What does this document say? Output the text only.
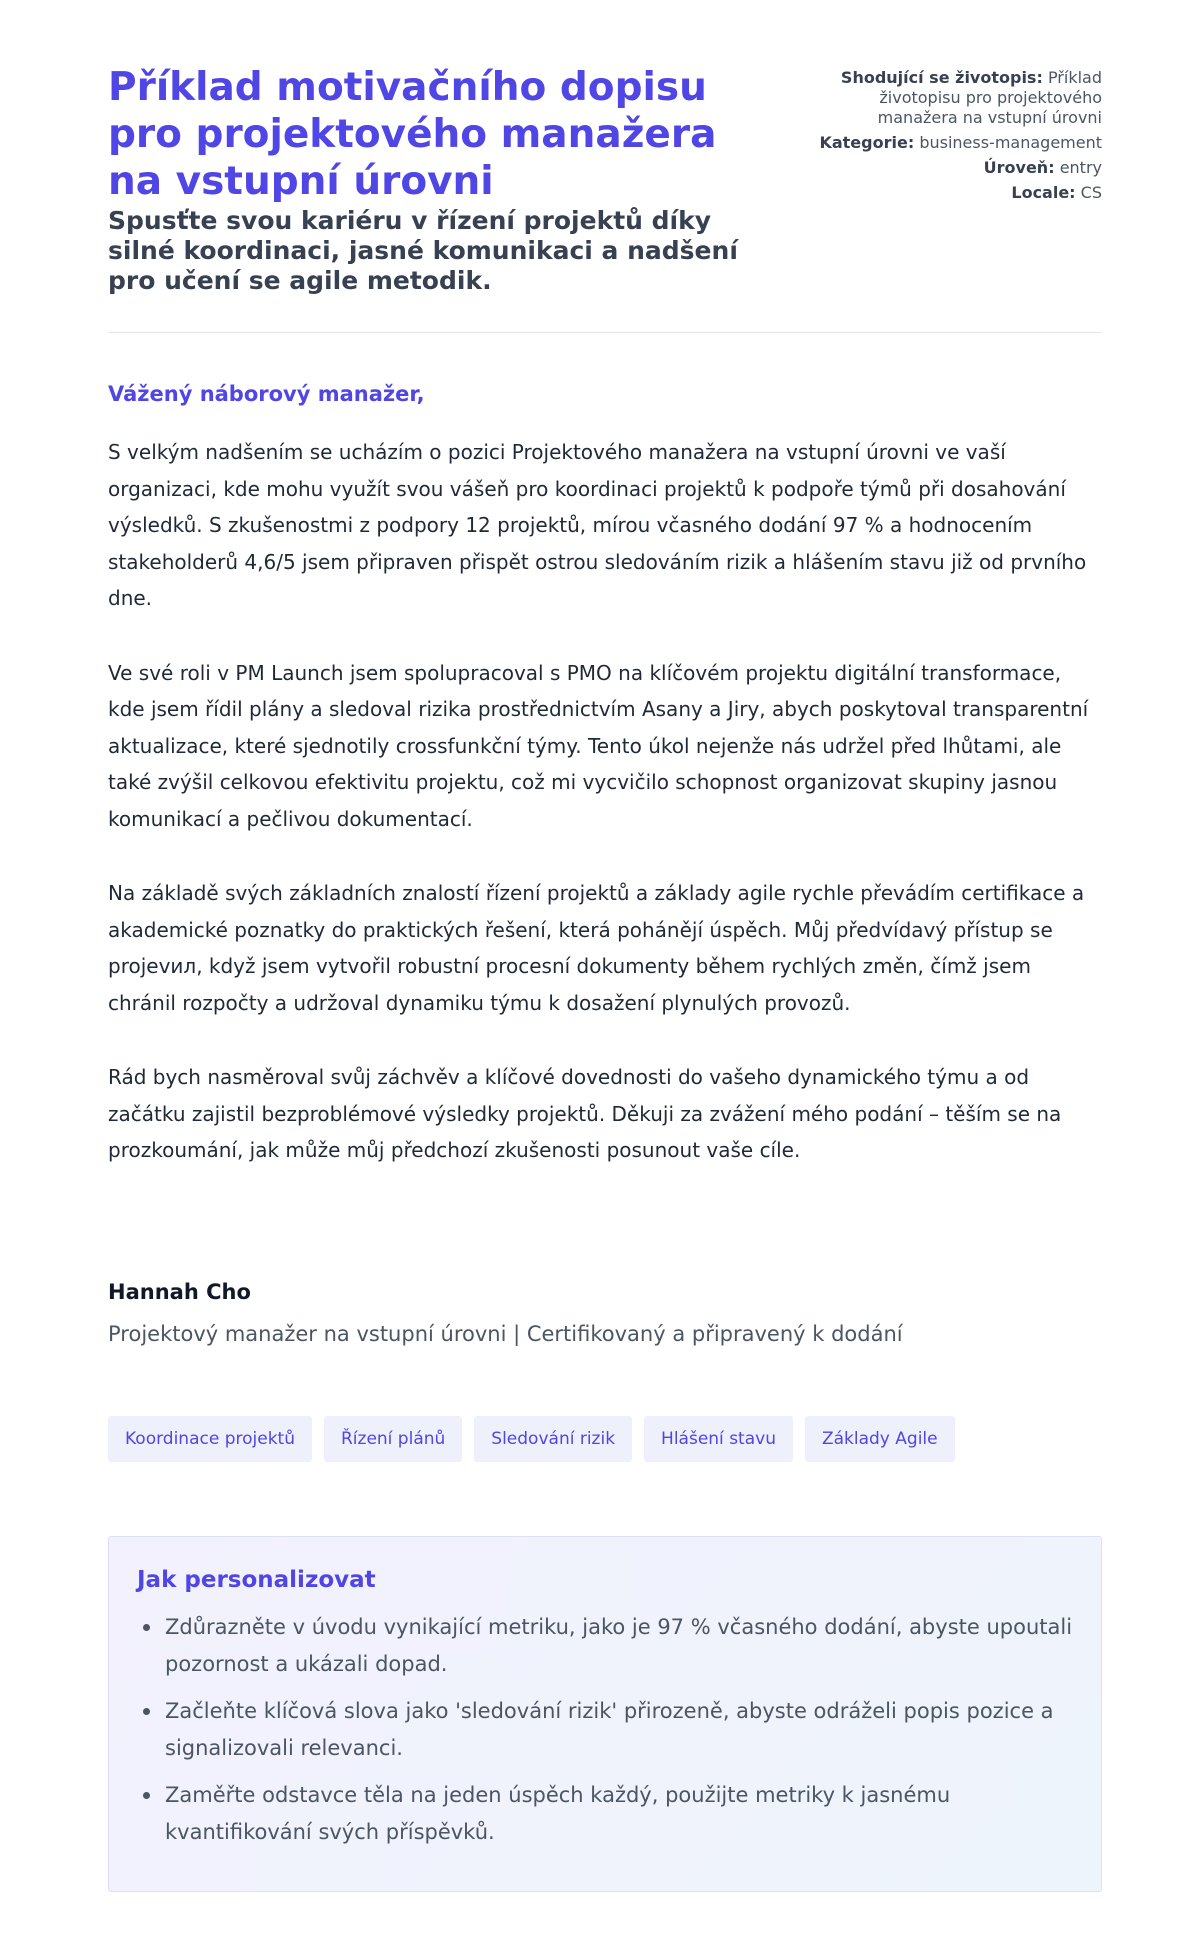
Příklad motivačního dopisu pro projektového manažera na vstupní úrovni

Spusťte svou kariéru v řízení projektů díky silné koordinaci, jasné komunikaci a nadšení pro učení se agile metodik.

Shodující se životopis: Příklad životopisu pro projektového manažera na vstupní úrovni

Kategorie: business-management

Úroveň: entry

Locale: CS

Vážený náborový manažer,

S velkým nadšením se ucházím o pozici Projektového manažera na vstupní úrovni ve vaší organizaci, kde mohu využít svou vášeň pro koordinaci projektů k podpoře týmů při dosahování výsledků. S zkušenostmi z podpory 12 projektů, mírou včasného dodání 97 % a hodnocením stakeholderů 4,6/5 jsem připraven přispět ostrou sledováním rizik a hlášením stavu již od prvního dne.

Ve své roli v PM Launch jsem spolupracoval s PMO na klíčovém projektu digitální transformace, kde jsem řídil plány a sledoval rizika prostřednictvím Asany a Jiry, abych poskytoval transparentní aktualizace, které sjednotily crossfunkční týmy. Tento úkol nejenže nás udržel před lhůtami, ale také zvýšil celkovou efektivitu projektu, což mi vycvičilo schopnost organizovat skupiny jasnou komunikací a pečlivou dokumentací.

Na základě svých základních znalostí řízení projektů a základy agile rychle převádím certifikace a akademické poznatky do praktických řešení, která pohánějí úspěch. Můj předvídavý přístup se projevил, když jsem vytvořil robustní procesní dokumenty během rychlých změn, čímž jsem chránil rozpočty a udržoval dynamiku týmu k dosažení plynulých provozů.

Rád bych nasměroval svůj záchvěv a klíčové dovednosti do vašeho dynamického týmu a od začátku zajistil bezproblémové výsledky projektů. Děkuji za zvážení mého podání – těším se na prozkoumání, jak může můj předchozí zkušenosti posunout vaše cíle.

Hannah Cho

Projektový manažer na vstupní úrovni | Certifikovaný a připravený k dodání

Koordinace projektů	Řízení plánů	Sledování rizik	Hlášení stavu	Základy Agile
Jak personalizovat
Zdůrazněte v úvodu vynikající metriku, jako je 97 % včasného dodání, abyste upoutali pozornost a ukázali dopad.
Začleňte klíčová slova jako 'sledování rizik' přirozeně, abyste odráželi popis pozice a signalizovali relevanci.
Zaměřte odstavce těla na jeden úspěch každý, použijte metriky k jasnému kvantifikování svých příspěvků.
